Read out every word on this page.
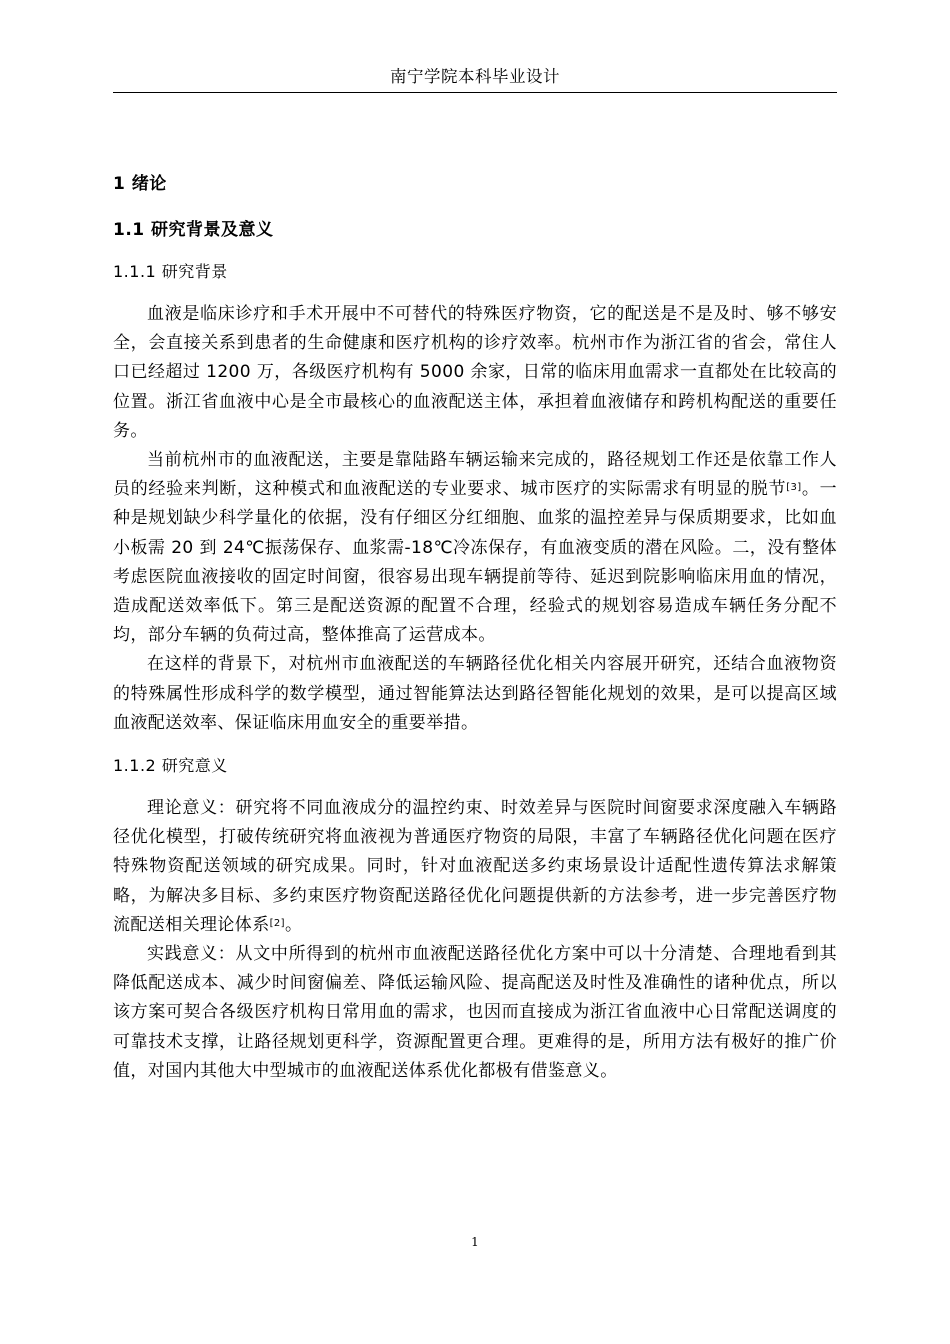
南宁学院本科毕业设计
1 绪论
1.1 研究背景及意义
1.1.1 研究背景

血液是临床诊疗和手术开展中不可替代的特殊医疗物资，它的配送是不是及时、够不够安全，会直接关系到患者的生命健康和医疗机构的诊疗效率。杭州市作为浙江省的省会，常住人口已经超过 1200 万，各级医疗机构有 5000 余家，日常的临床用血需求一直都处在比较高的位置。浙江省血液中心是全市最核心的血液配送主体，承担着血液储存和跨机构配送的重要任务。

当前杭州市的血液配送，主要是靠陆路车辆运输来完成的，路径规划工作还是依靠工作人员的经验来判断，这种模式和血液配送的专业要求、城市医疗的实际需求有明显的脱节[3]。一种是规划缺少科学量化的依据，没有仔细区分红细胞、血浆的温控差异与保质期要求，比如血小板需 20 到 24℃振荡保存、血浆需-18℃冷冻保存，有血液变质的潜在风险。二，没有整体考虑医院血液接收的固定时间窗，很容易出现车辆提前等待、延迟到院影响临床用血的情况，造成配送效率低下。第三是配送资源的配置不合理，经验式的规划容易造成车辆任务分配不均，部分车辆的负荷过高，整体推高了运营成本。

在这样的背景下，对杭州市血液配送的车辆路径优化相关内容展开研究，还结合血液物资的特殊属性形成科学的数学模型，通过智能算法达到路径智能化规划的效果，是可以提高区域血液配送效率、保证临床用血安全的重要举措。

1.1.2 研究意义

理论意义：研究将不同血液成分的温控约束、时效差异与医院时间窗要求深度融入车辆路径优化模型，打破传统研究将血液视为普通医疗物资的局限，丰富了车辆路径优化问题在医疗特殊物资配送领域的研究成果。同时，针对血液配送多约束场景设计适配性遗传算法求解策略，为解决多目标、多约束医疗物资配送路径优化问题提供新的方法参考，进一步完善医疗物流配送相关理论体系[2]。

实践意义：从文中所得到的杭州市血液配送路径优化方案中可以十分清楚、合理地看到其降低配送成本、减少时间窗偏差、降低运输风险、提高配送及时性及准确性的诸种优点，所以该方案可契合各级医疗机构日常用血的需求，也因而直接成为浙江省血液中心日常配送调度的可靠技术支撑，让路径规划更科学，资源配置更合理。更难得的是，所用方法有极好的推广价值，对国内其他大中型城市的血液配送体系优化都极有借鉴意义。

1
